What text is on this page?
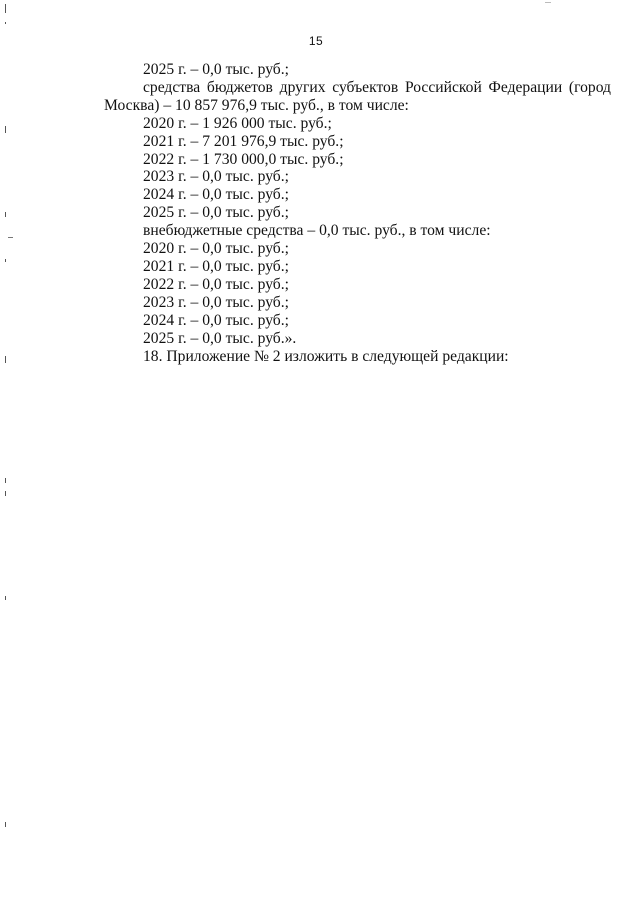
15
2025 г. – 0,0 тыс. руб.;
средства бюджетов других субъектов Российской Федерации (город
Москва) – 10 857 976,9 тыс. руб., в том числе:
2020 г. – 1 926 000 тыс. руб.;
2021 г. – 7 201 976,9 тыс. руб.;
2022 г. – 1 730 000,0 тыс. руб.;
2023 г. – 0,0 тыс. руб.;
2024 г. – 0,0 тыс. руб.;
2025 г. – 0,0 тыс. руб.;
внебюджетные средства – 0,0 тыс. руб., в том числе:
2020 г. – 0,0 тыс. руб.;
2021 г. – 0,0 тыс. руб.;
2022 г. – 0,0 тыс. руб.;
2023 г. – 0,0 тыс. руб.;
2024 г. – 0,0 тыс. руб.;
2025 г. – 0,0 тыс. руб.».
18. Приложение № 2 изложить в следующей редакции:
